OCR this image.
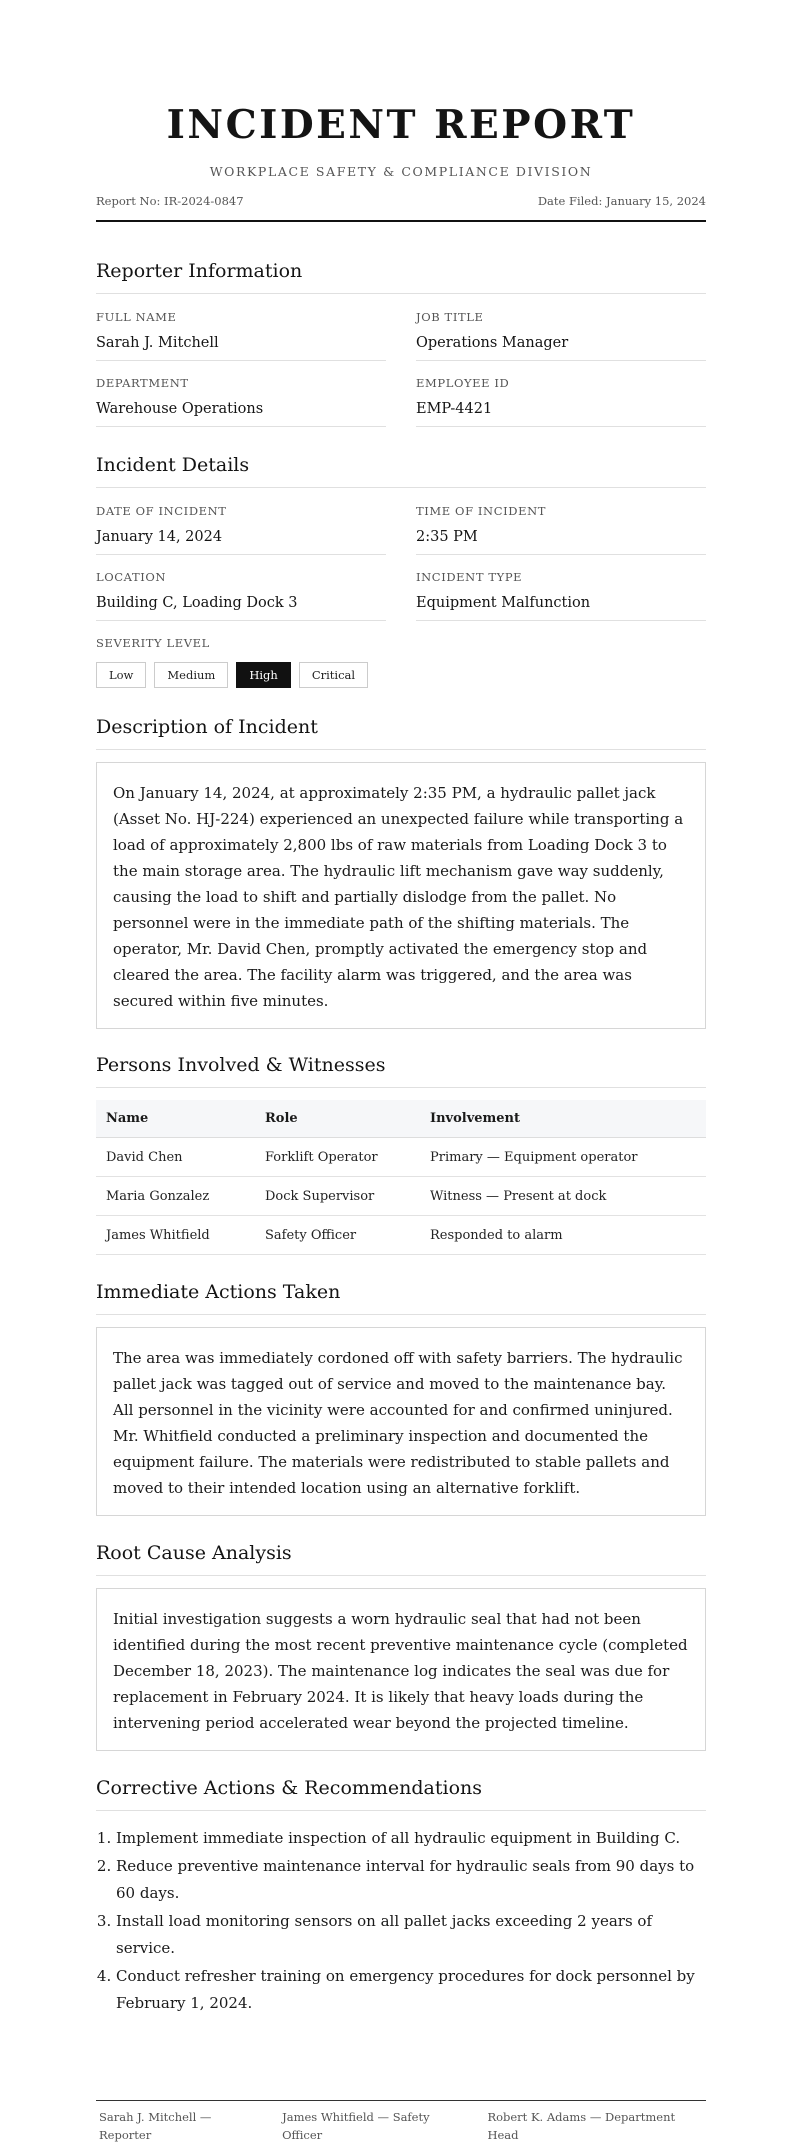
INCIDENT REPORT
WORKPLACE SAFETY & COMPLIANCE DIVISION
Report No: IR-2024-0847	Date Filed: January 15, 2024
Reporter Information
FULL NAME
Sarah J. Mitchell
JOB TITLE
Operations Manager
DEPARTMENT
Warehouse Operations
EMPLOYEE ID
EMP-4421
Incident Details
DATE OF INCIDENT
January 14, 2024
TIME OF INCIDENT
2:35 PM
LOCATION
Building C, Loading Dock 3
INCIDENT TYPE
Equipment Malfunction
SEVERITY LEVEL
Low	Medium	High	Critical
Description of Incident
On January 14, 2024, at approximately 2:35 PM, a hydraulic pallet jack (Asset No. HJ-224) experienced an unexpected failure while transporting a load of approximately 2,800 lbs of raw materials from Loading Dock 3 to the main storage area. The hydraulic lift mechanism gave way suddenly, causing the load to shift and partially dislodge from the pallet. No personnel were in the immediate path of the shifting materials. The operator, Mr. David Chen, promptly activated the emergency stop and cleared the area. The facility alarm was triggered, and the area was secured within five minutes.
Persons Involved & Witnesses
Name	Role	Involvement
David Chen	Forklift Operator	Primary — Equipment operator
Maria Gonzalez	Dock Supervisor	Witness — Present at dock
James Whitfield	Safety Officer	Responded to alarm
Immediate Actions Taken
The area was immediately cordoned off with safety barriers. The hydraulic pallet jack was tagged out of service and moved to the maintenance bay. All personnel in the vicinity were accounted for and confirmed uninjured. Mr. Whitfield conducted a preliminary inspection and documented the equipment failure. The materials were redistributed to stable pallets and moved to their intended location using an alternative forklift.
Root Cause Analysis
Initial investigation suggests a worn hydraulic seal that had not been identified during the most recent preventive maintenance cycle (completed December 18, 2023). The maintenance log indicates the seal was due for replacement in February 2024. It is likely that heavy loads during the intervening period accelerated wear beyond the projected timeline.
Corrective Actions & Recommendations
1. Implement immediate inspection of all hydraulic equipment in Building C.
2. Reduce preventive maintenance interval for hydraulic seals from 90 days to 60 days.
3. Install load monitoring sensors on all pallet jacks exceeding 2 years of service.
4. Conduct refresher training on emergency procedures for dock personnel by February 1, 2024.
Sarah J. Mitchell — Reporter
James Whitfield — Safety Officer
Robert K. Adams — Department Head
